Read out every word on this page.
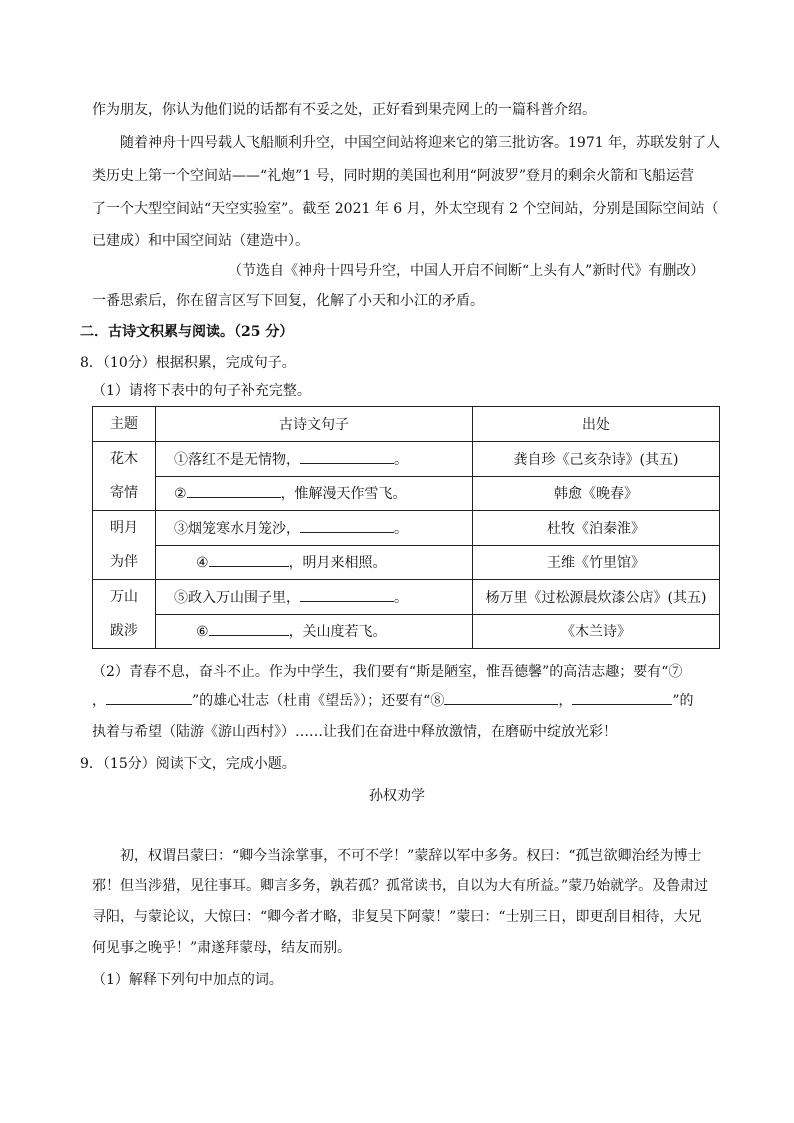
作为朋友，你认为他们说的话都有不妥之处，正好看到果壳网上的一篇科普介绍。
随着神舟十四号载人飞船顺利升空，中国空间站将迎来它的第三批访客。1971 年，苏联发射了人
类历史上第一个空间站——“礼炮”1 号，同时期的美国也利用“阿波罗”登月的剩余火箭和飞船运营
了一个大型空间站“天空实验室”。截至 2021 年 6 月，外太空现有 2 个空间站，分别是国际空间站（
已建成）和中国空间站（建造中）。
（节选自《神舟十四号升空，中国人开启不间断“上头有人”新时代》有删改）
一番思索后，你在留言区写下回复，化解了小天和小江的矛盾。
二．古诗文积累与阅读。（25 分）
8．（10分）根据积累，完成句子。
（1）请将下表中的句子补充完整。
主题	古诗文句子	出处
花木
寄情	①落红不是无情物， 。	龚自珍《己亥杂诗》(其五)
	② ，惟解漫天作雪飞。	韩愈《晚春》
明月
为伴	③烟笼寒水月笼沙， 。	杜牧《泊秦淮》
	④ ，明月来相照。	王维《竹里馆》
万山
跋涉	⑤政入万山围子里， 。	杨万里《过松源晨炊漆公店》(其五)
	⑥ ，关山度若飞。	《木兰诗》
（2）青春不息，奋斗不止。作为中学生，我们要有“斯是陋室，惟吾德馨”的高洁志趣；要有“⑦
，	”的雄心壮志（杜甫《望岳》）；还要有“⑧	，	”的
执着与希望（陆游《游山西村》）……让我们在奋进中释放激情，在磨砺中绽放光彩！
9．（15分）阅读下文，完成小题。
孙权劝学
初，权谓吕蒙曰：“卿今当涂掌事，不可不学！”蒙辞以军中多务。权曰：“孤岂欲卿治经为博士
邪！但当涉猎，见往事耳。卿言多务，孰若孤？孤常读书，自以为大有所益。”蒙乃始就学。及鲁肃过
寻阳，与蒙论议，大惊曰：“卿今者才略，非复吴下阿蒙！”蒙曰：“士别三日，即更刮目相待，大兄
何见事之晚乎！”肃遂拜蒙母，结友而别。
（1）解释下列句中加点的词。
